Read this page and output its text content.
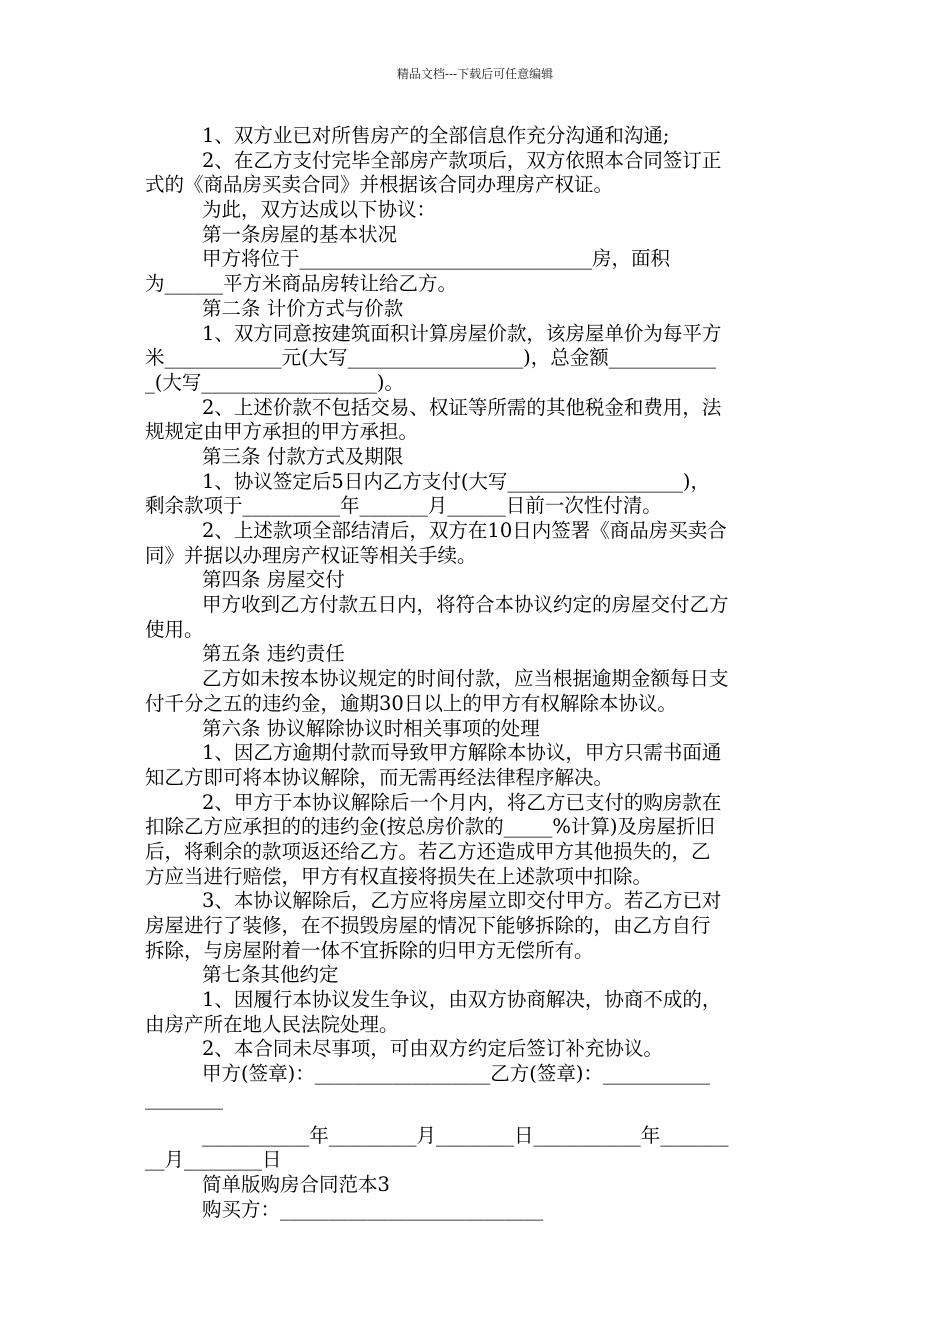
精品文档---下载后可任意编辑
1、双方业已对所售房产的全部信息作充分沟通和沟通;
2、在乙方支付完毕全部房产款项后，双方依照本合同签订正
式的《商品房买卖合同》并根据该合同办理房产权证。
为此，双方达成以下协议：
第一条房屋的基本状况
甲方将位于______________________________房，面积
为______平方米商品房转让给乙方。
第二条 计价方式与价款
1、双方同意按建筑面积计算房屋价款，该房屋单价为每平方
米____________元(大写__________________)，总金额___________
_(大写__________________)。
2、上述价款不包括交易、权证等所需的其他税金和费用，法
规规定由甲方承担的甲方承担。
第三条 付款方式及期限
1、协议签定后5日内乙方支付(大写__________________)，
剩余款项于__________年_______月______日前一次性付清。
2、上述款项全部结清后，双方在10日内签署《商品房买卖合
同》并据以办理房产权证等相关手续。
第四条 房屋交付
甲方收到乙方付款五日内，将符合本协议约定的房屋交付乙方
使用。
第五条 违约责任
乙方如未按本协议规定的时间付款，应当根据逾期金额每日支
付千分之五的违约金，逾期30日以上的甲方有权解除本协议。
第六条 协议解除协议时相关事项的处理
1、因乙方逾期付款而导致甲方解除本协议，甲方只需书面通
知乙方即可将本协议解除，而无需再经法律程序解决。
2、甲方于本协议解除后一个月内，将乙方已支付的购房款在
扣除乙方应承担的的违约金(按总房价款的_____%计算)及房屋折旧
后，将剩余的款项返还给乙方。若乙方还造成甲方其他损失的，乙
方应当进行赔偿，甲方有权直接将损失在上述款项中扣除。
3、本协议解除后，乙方应将房屋立即交付甲方。若乙方已对
房屋进行了装修，在不损毁房屋的情况下能够拆除的，由乙方自行
拆除，与房屋附着一体不宜拆除的归甲方无偿所有。
第七条其他约定
1、因履行本协议发生争议，由双方协商解决，协商不成的，
由房产所在地人民法院处理。
2、本合同未尽事项，可由双方约定后签订补充协议。
甲方(签章)：__________________乙方(签章)：___________
________
___________年_________月________日___________年_______
__月________日
简单版购房合同范本3
购买方：___________________________
